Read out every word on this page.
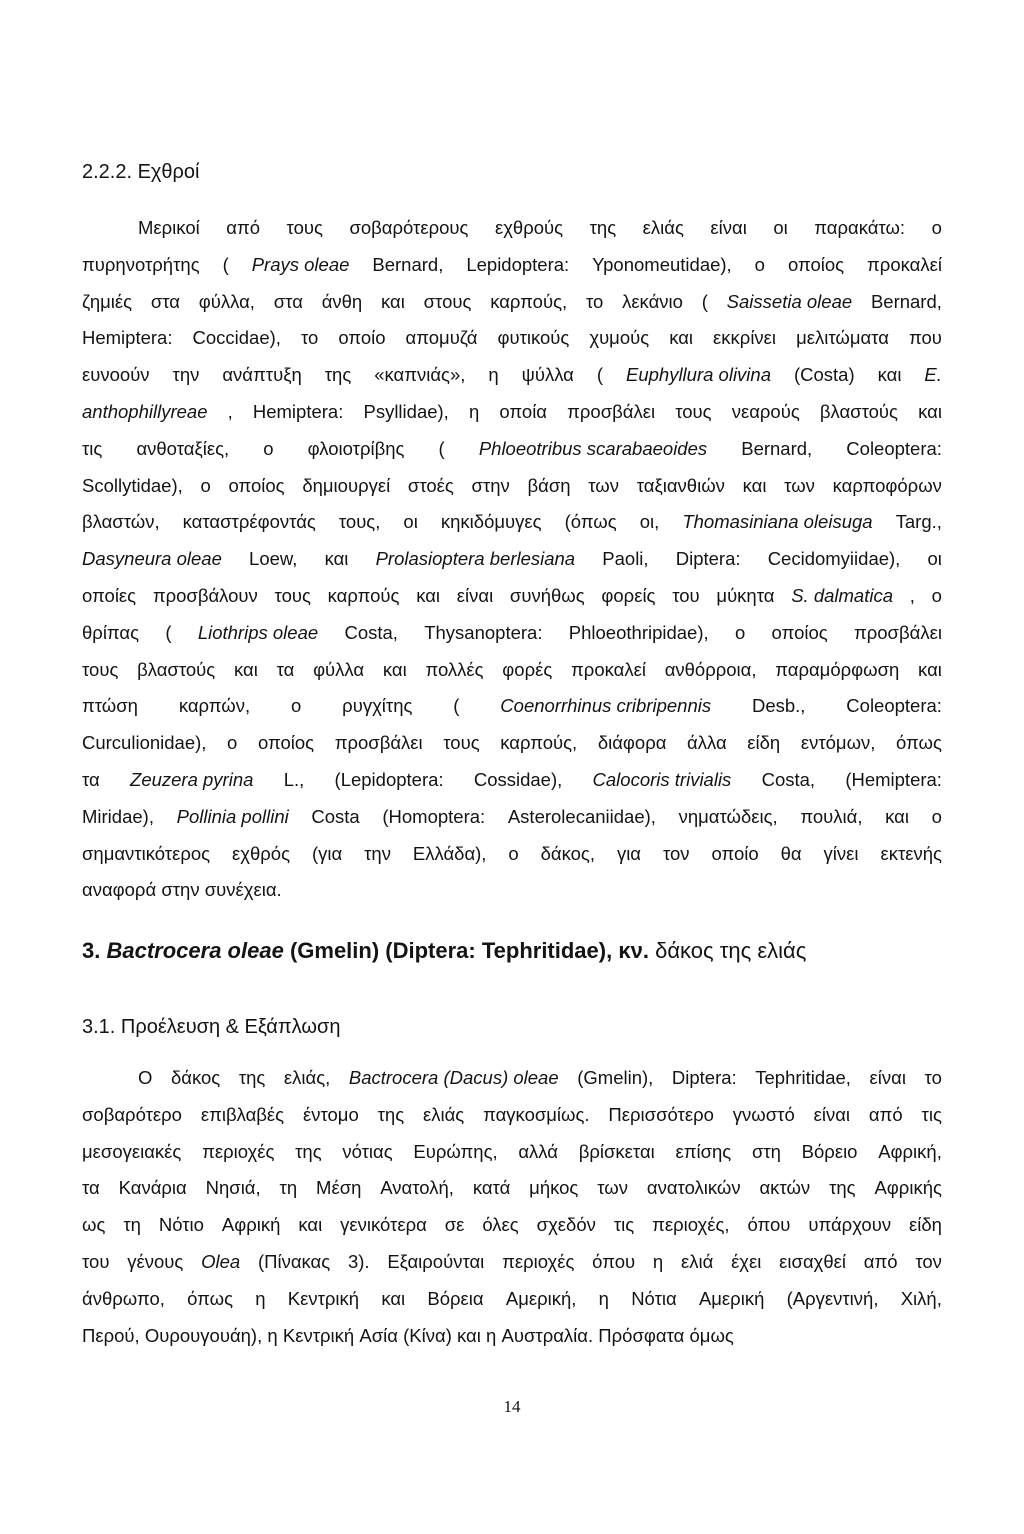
2.2.2. Εχθροί
Μερικοί από τους σοβαρότερους εχθρούς της ελιάς είναι οι παρακάτω: ο
πυρηνοτρήτης ( Prays oleae Bernard, Lepidoptera: Yponomeutidae), ο οποίος προκαλεί
ζημιές στα φύλλα, στα άνθη και στους καρπούς, το λεκάνιο ( Saissetia oleae Bernard,
Hemiptera: Coccidae), το οποίο απομυζά φυτικούς χυμούς και εκκρίνει μελιτώματα που
ευνοούν την ανάπτυξη της «καπνιάς», η ψύλλα ( Euphyllura olivina (Costa) και E.
anthophillyreae , Hemiptera: Psyllidae), η οποία προσβάλει τους νεαρούς βλαστούς και
τις ανθοταξίες, ο φλοιοτρίβης ( Phloeotribus scarabaeoides Bernard, Coleoptera:
Scollytidae), ο οποίος δημιουργεί στοές στην βάση των ταξιανθιών και των καρποφόρων
βλαστών, καταστρέφοντάς τους, οι κηκιδόμυγες (όπως οι, Thomasiniana oleisuga Targ.,
Dasyneura oleae Loew, και Prolasioptera berlesiana Paoli, Diptera: Cecidomyiidae), οι
οποίες προσβάλουν τους καρπούς και είναι συνήθως φορείς του μύκητα S. dalmatica , ο
θρίπας ( Liothrips oleae Costa, Thysanoptera: Phloeothripidae), ο οποίος προσβάλει
τους βλαστούς και τα φύλλα και πολλές φορές προκαλεί ανθόρροια, παραμόρφωση και
πτώση καρπών, ο ρυγχίτης ( Coenorrhinus cribripennis Desb., Coleoptera:
Curculionidae), ο οποίος προσβάλει τους καρπούς, διάφορα άλλα είδη εντόμων, όπως
τα Zeuzera pyrina L., (Lepidoptera: Cossidae), Calocoris trivialis Costa, (Hemiptera:
Miridae), Pollinia pollini Costa (Homoptera: Asterolecaniidae), νηματώδεις, πουλιά, και ο
σημαντικότερος εχθρός (για την Ελλάδα), ο δάκος, για τον οποίο θα γίνει εκτενής
αναφορά στην συνέχεια.
3. Bactrocera oleae (Gmelin) (Diptera: Tephritidae), κν. δάκος της ελιάς
3.1. Προέλευση & Εξάπλωση
Ο δάκος της ελιάς, Bactrocera (Dacus) oleae (Gmelin), Diptera: Tephritidae, είναι το
σοβαρότερο επιβλαβές έντομο της ελιάς παγκοσμίως. Περισσότερο γνωστό είναι από τις
μεσογειακές περιοχές της νότιας Ευρώπης, αλλά βρίσκεται επίσης στη Βόρειο Αφρική,
τα Κανάρια Νησιά, τη Μέση Ανατολή, κατά μήκος των ανατολικών ακτών της Αφρικής
ως τη Νότιο Αφρική και γενικότερα σε όλες σχεδόν τις περιοχές, όπου υπάρχουν είδη
του γένους Olea (Πίνακας 3). Εξαιρούνται περιοχές όπου η ελιά έχει εισαχθεί από τον
άνθρωπο, όπως η Κεντρική και Βόρεια Αμερική, η Νότια Αμερική (Αργεντινή, Χιλή,
Περού, Ουρουγουάη), η Κεντρική Ασία (Κίνα) και η Αυστραλία. Πρόσφατα όμως
14
